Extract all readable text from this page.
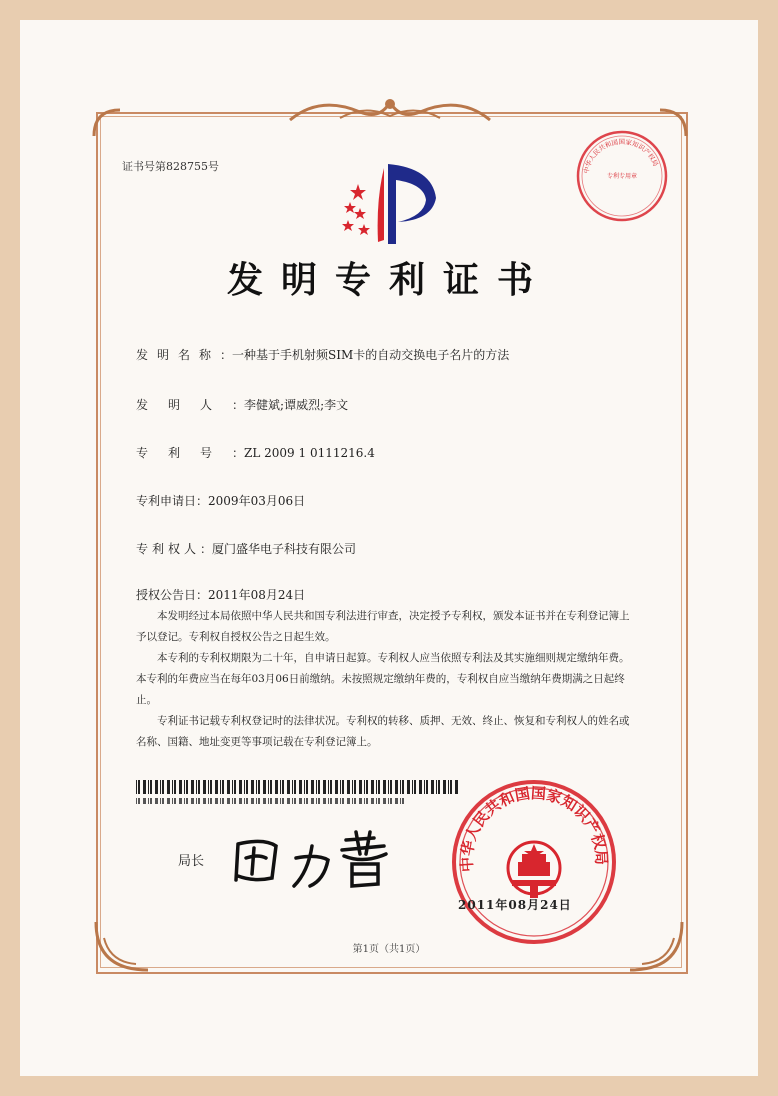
证书号第828755号	中华人民共和国国家知识产权局
专利专用章
发明专利证书
发明名称：一种基于手机射频SIM卡的自动交换电子名片的方法
发明人：李健斌;谭威烈;李文
专利号：ZL 2009 1 0111216.4
专利申请日：2009年03月06日
专利权人：厦门盛华电子科技有限公司
授权公告日：2011年08月24日

本发明经过本局依照中华人民共和国专利法进行审查，决定授予专利权，颁发本证书并在专利登记簿上予以登记。专利权自授权公告之日起生效。

本专利的专利权期限为二十年，自申请日起算。专利权人应当依照专利法及其实施细则规定缴纳年费。本专利的年费应当在每年03月06日前缴纳。未按照规定缴纳年费的，专利权自应当缴纳年费期满之日起终止。

专利证书记载专利权登记时的法律状况。专利权的转移、质押、无效、终止、恢复和专利权人的姓名或名称、国籍、地址变更等事项记载在专利登记簿上。

局长	中华人民共和国国家知识产权局
2011年08月24日
第1页（共1页）
